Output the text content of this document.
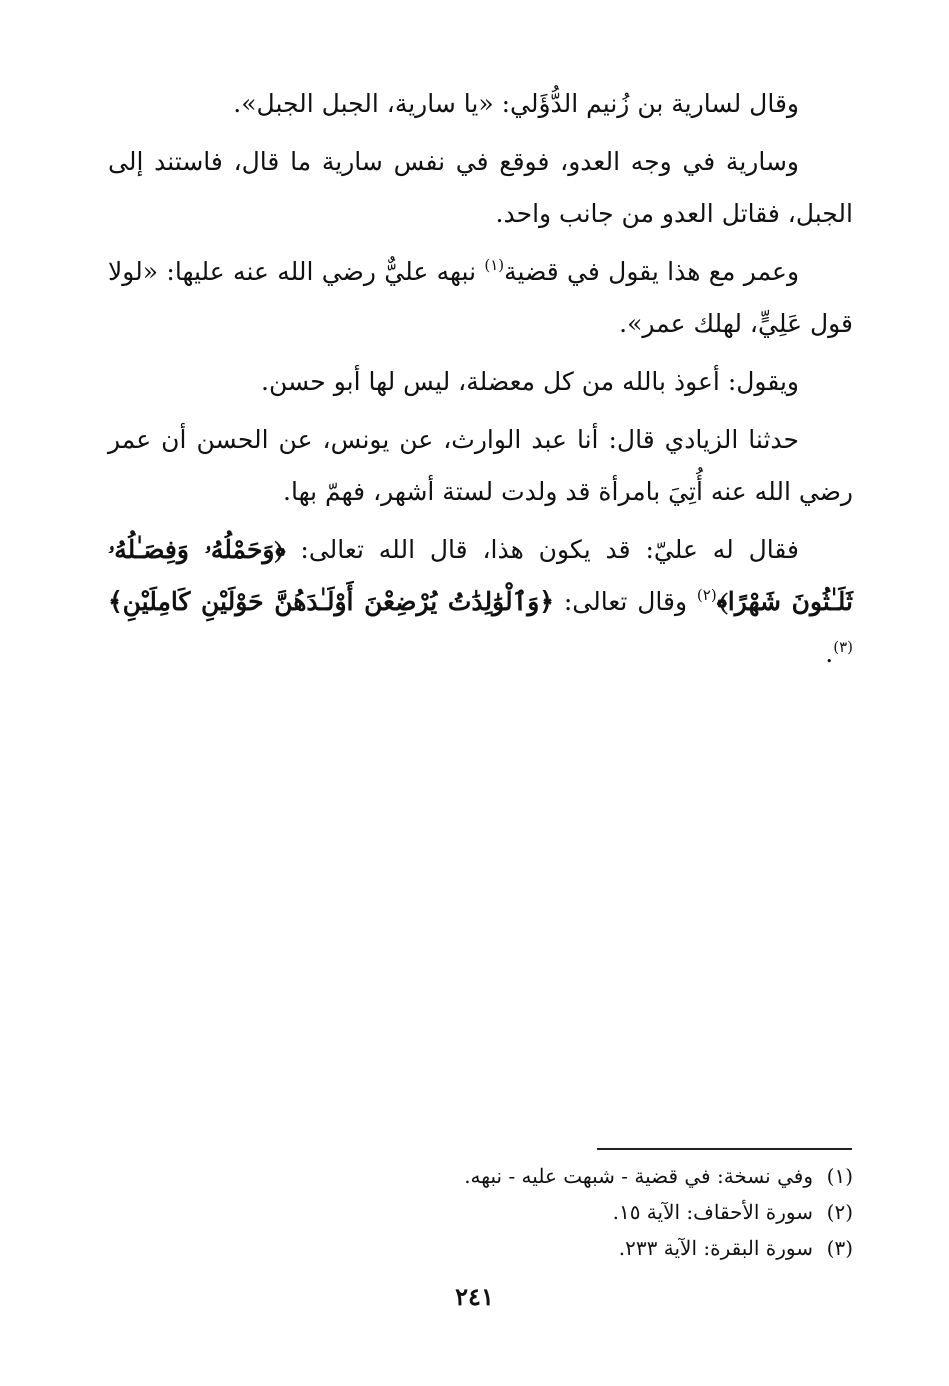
وقال لسارية بن زُنيم الدُّؤَلي: «يا سارية، الجبل الجبل».

وسارية في وجه العدو، فوقع في نفس سارية ما قال، فاستند إلى الجبل، فقاتل العدو من جانب واحد.

وعمر مع هذا يقول في قضية$^{(١)}$ نبهه عليٌّ رضي الله عنه عليها: «لولا قول عَلِيٍّ، لهلك عمر».

ويقول: أعوذ بالله من كل معضلة، ليس لها أبو حسن.

حدثنا الزيادي قال: أنا عبد الوارث، عن يونس، عن الحسن أن عمر رضي الله عنه أُتِيَ بامرأة قد ولدت لستة أشهر، فهمّ بها.

فقال له عليّ: قد يكون هذا، قال الله تعالى: ﴿وَحَمْلُهُۥ وَفِصَـٰلُهُۥ ثَلَـٰثُونَ شَهْرًا﴾$^{(٢)}$ وقال تعالى: ﴿وَٱلْوَٰلِدَٰتُ يُرْضِعْنَ أَوْلَـٰدَهُنَّ حَوْلَيْنِ كَامِلَيْنِ﴾$^{(٣)}$.

(١)وفي نسخة: في قضية - شبهت عليه - نبهه.
(٢)سورة الأحقاف: الآية ١٥.
(٣)سورة البقرة: الآية ٢٣٣.
٢٤١
